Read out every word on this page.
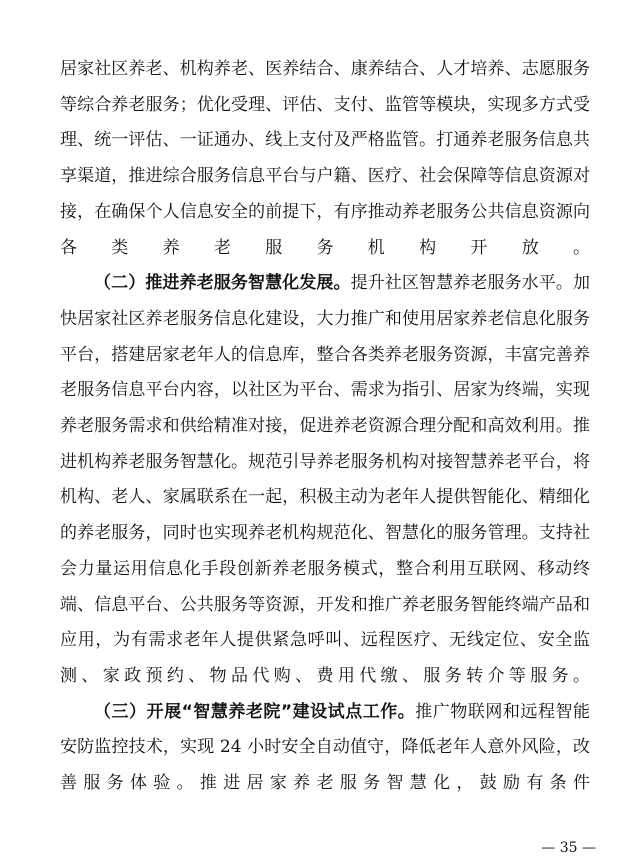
居家社区养老、机构养老、医养结合、康养结合、人才培养、志愿服务等综合养老服务；优化受理、评估、支付、监管等模块，实现多方式受理、统一评估、一证通办、线上支付及严格监管。打通养老服务信息共享渠道，推进综合服务信息平台与户籍、医疗、社会保障等信息资源对接，在确保个人信息安全的前提下，有序推动养老服务公共信息资源向各类养老服务机构开放。

（二）推进养老服务智慧化发展。提升社区智慧养老服务水平。加快居家社区养老服务信息化建设，大力推广和使用居家养老信息化服务平台，搭建居家老年人的信息库，整合各类养老服务资源，丰富完善养老服务信息平台内容，以社区为平台、需求为指引、居家为终端，实现养老服务需求和供给精准对接，促进养老资源合理分配和高效利用。推进机构养老服务智慧化。规范引导养老服务机构对接智慧养老平台，将机构、老人、家属联系在一起，积极主动为老年人提供智能化、精细化的养老服务，同时也实现养老机构规范化、智慧化的服务管理。支持社会力量运用信息化手段创新养老服务模式，整合利用互联网、移动终端、信息平台、公共服务等资源，开发和推广养老服务智能终端产品和应用，为有需求老年人提供紧急呼叫、远程医疗、无线定位、安全监测、家政预约、物品代购、费用代缴、服务转介等服务。

（三）开展“智慧养老院”建设试点工作。推广物联网和远程智能安防监控技术，实现 24 小时安全自动值守，降低老年人意外风险，改善服务体验。推进居家养老服务智慧化，鼓励有条件

— 35 —
